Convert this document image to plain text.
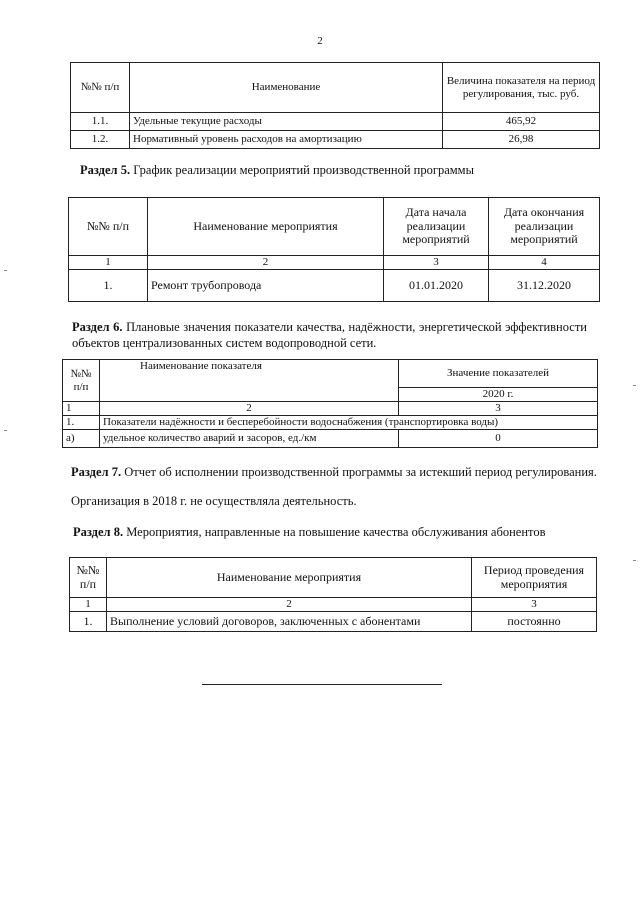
2
№№ п/п	Наименование	Величина показателя на период регулирования, тыс. руб.
1.1.	Удельные текущие расходы	465,92
1.2.	Нормативный уровень расходов на амортизацию	26,98
Раздел 5. График реализации мероприятий производственной программы
№№ п/п	Наименование мероприятия	Дата начала реализации мероприятий	Дата окончания реализации мероприятий
1	2	3	4
1.	Ремонт трубопровода	01.01.2020	31.12.2020
Раздел 6. Плановые значения показатели качества, надёжности, энергетической эффективности объектов централизованных систем водопроводной сети.
№№ п/п	Наименование показателя	Значение показателей
		2020 г.
1	2	3
1.	Показатели надёжности и бесперебойности водоснабжения (транспортировка воды)	
а)	удельное количество аварий и засоров, ед./км	0
Раздел 7. Отчет об исполнении производственной программы за истекший период регулирования.
Организация в 2018 г. не осуществляла деятельность.
Раздел 8. Мероприятия, направленные на повышение качества обслуживания абонентов
№№ п/п	Наименование мероприятия	Период проведения мероприятия
1	2	3
1.	Выполнение условий договоров, заключенных с абонентами	постоянно
